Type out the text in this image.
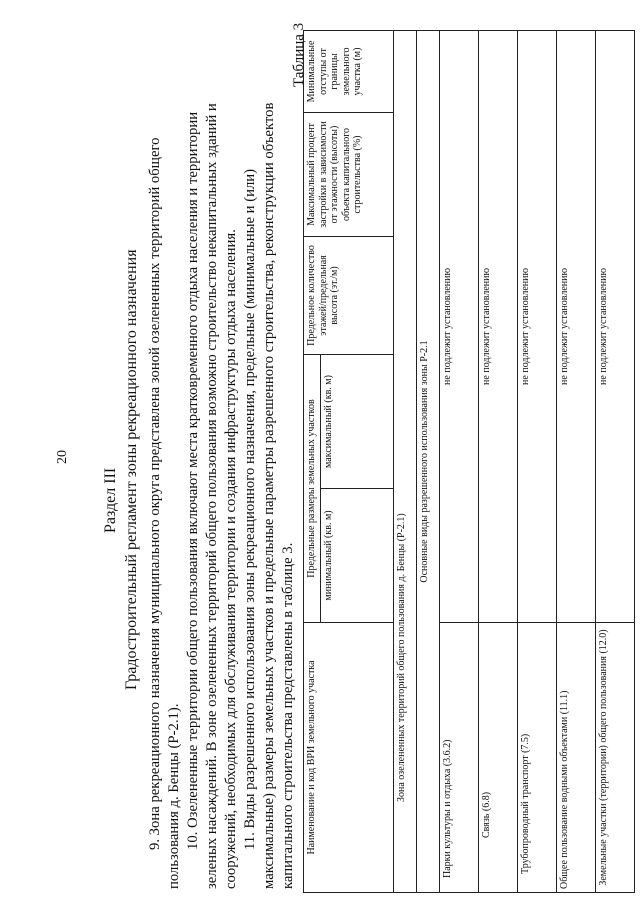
20
Раздел III Градостроительный регламент зоны рекреационного назначения 9. Зона рекреационного назначения муниципального округа представлена зоной озелененных территорий общего пользования д. Бенцы (Р-2.1). 10. Озелененные территории общего пользования включают места кратковременного отдыха населения и территории зеленых насаждений. В зоне озелененных территорий общего пользования возможно строительство некапитальных зданий и сооружений, необходимых для обслуживания территории и создания инфраструктуры отдыха населения. 11. Виды разрешенного использования зоны рекреационного назначения, предельные (минимальные и (или) максимальные) размеры земельных участков и предельные параметры разрешенного строительства, реконструкции объектов капитального строительства представлены в таблице 3.
Таблица 3
Наименование и код ВРИ земельного участка	Предельные размеры земельных участков		Предельное количество этажей/предельная высота (эт./м)	Максимальный процент застройки в зависимости от этажности (высоты) объекта капитального строительства (%)	Минимальные отступы от границы земельного участка (м)
	минимальный (кв. м)	максимальный (кв. м)			
Зона озелененных территорий общего пользования д. Бенцы (Р-2.1)					
Основные виды разрешенного использования зоны Р-2.1					
Парки культуры и отдыха (3.6.2)	не подлежит установлению				
Связь (6.8)	не подлежит установлению				
Трубопроводный транспорт (7.5)	не подлежит установлению				
Общее пользование водными объектами (11.1)	не подлежит установлению				
Земельные участки (территории) общего пользования (12.0)	не подлежит установлению				
